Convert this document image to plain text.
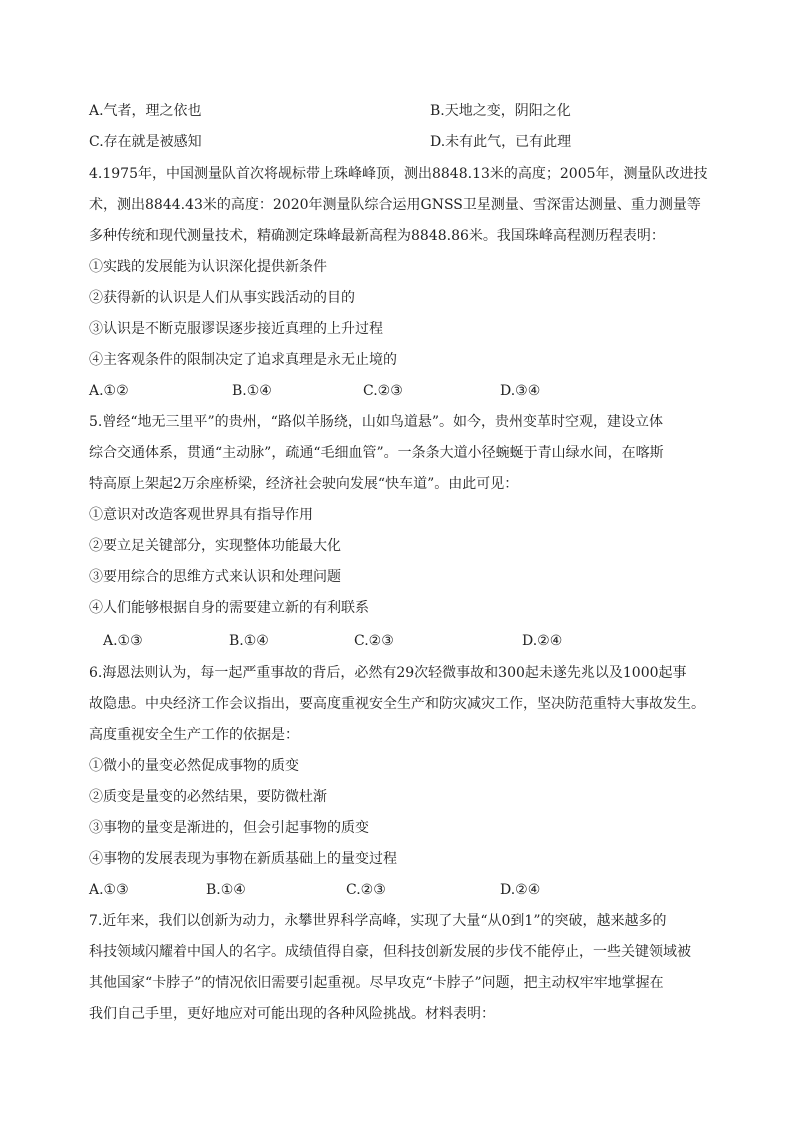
A.气者，理之依也	B.天地之变，阴阳之化
C.存在就是被感知	D.未有此气，已有此理
4.1975年，中国测量队首次将觇标带上珠峰峰顶，测出8848.13米的高度；2005年，测量队改进技
术，测出8844.43米的高度：2020年测量队综合运用GNSS卫星测量、雪深雷达测量、重力测量等
多种传统和现代测量技术，精确测定珠峰最新高程为8848.86米。我国珠峰高程测历程表明：
①实践的发展能为认识深化提供新条件
②获得新的认识是人们从事实践活动的目的
③认识是不断克服谬误逐步接近真理的上升过程
④主客观条件的限制决定了追求真理是永无止境的
A.①②	B.①④	C.②③	D.③④
5.曾经“地无三里平”的贵州，“路似羊肠绕，山如鸟道悬”。如今，贵州变革时空观，建设立体
综合交通体系，贯通“主动脉”，疏通“毛细血管”。一条条大道小径蜿蜒于青山绿水间，在喀斯
特高原上架起2万余座桥梁，经济社会驶向发展“快车道”。由此可见：
①意识对改造客观世界具有指导作用
②要立足关键部分，实现整体功能最大化
③要用综合的思维方式来认识和处理问题
④人们能够根据自身的需要建立新的有利联系
A.①③	B.①④	C.②③	D.②④
6.海恩法则认为，每一起严重事故的背后，必然有29次轻微事故和300起未遂先兆以及1000起事
故隐患。中央经济工作会议指出，要高度重视安全生产和防灾减灾工作，坚决防范重特大事故发生。
高度重视安全生产工作的依据是：
①微小的量变必然促成事物的质变
②质变是量变的必然结果，要防微杜渐
③事物的量变是渐进的，但会引起事物的质变
④事物的发展表现为事物在新质基础上的量变过程
A.①③	B.①④	C.②③	D.②④
7.近年来，我们以创新为动力，永攀世界科学高峰，实现了大量“从0到1”的突破，越来越多的
科技领域闪耀着中国人的名字。成绩值得自豪，但科技创新发展的步伐不能停止，一些关键领域被
其他国家“卡脖子”的情况依旧需要引起重视。尽早攻克“卡脖子”问题，把主动权牢牢地掌握在
我们自己手里，更好地应对可能出现的各种风险挑战。材料表明：
